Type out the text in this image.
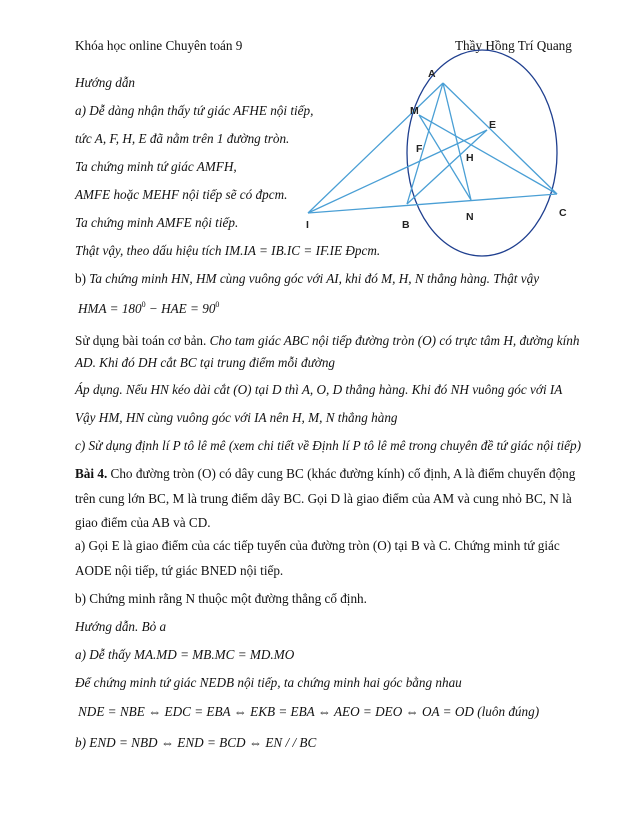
Khóa học online Chuyên toán 9	Thầy Hồng Trí Quang
A
M
E
F
H
I	B
N	C
Hướng dẫn
a) Dễ dàng nhận thấy tứ giác AFHE nội tiếp,
tức A, F, H, E đã nằm trên 1 đường tròn.
Ta chứng minh tứ giác AMFH,
AMFE hoặc MEHF nội tiếp sẽ có đpcm.
Ta chứng minh AMFE nội tiếp.
Thật vậy, theo dấu hiệu tích IM.IA = IB.IC = IF.IE Đpcm.
b) Ta chứng minh HN, HM cùng vuông góc với AI, khi đó M, H, N thẳng hàng. Thật vậy
HMA = $180^0$ − HAE = $90^0$
Sử dụng bài toán cơ bản. Cho tam giác ABC nội tiếp đường tròn (O) có trực tâm H, đường kính
AD. Khi đó DH cắt BC tại trung điểm mỗi đường
Áp dụng. Nếu HN kéo dài cắt (O) tại D thì A, O, D thẳng hàng. Khi đó NH vuông góc với IA
Vậy HM, HN cùng vuông góc với IA nên H, M, N thẳng hàng
c) Sử dụng định lí P tô lê mê (xem chi tiết về Định lí P tô lê mê trong chuyên đề tứ giác nội tiếp)
Bài 4. Cho đường tròn (O) có dây cung BC (khác đường kính) cố định, A là điểm chuyển động
trên cung lớn BC, M là trung điểm dây BC. Gọi D là giao điểm của AM và cung nhỏ BC, N là
giao điểm của AB và CD.
a) Gọi E là giao điểm của các tiếp tuyến của đường tròn (O) tại B và C. Chứng minh tứ giác
AODE nội tiếp, tứ giác BNED nội tiếp.
b) Chứng minh rằng N thuộc một đường thẳng cố định.
Hướng dẫn. Bỏ a
a) Dễ thấy MA.MD = MB.MC = MD.MO
Để chứng minh tứ giác NEDB nội tiếp, ta chứng minh hai góc bằng nhau
NDE = NBE ⇔ EDC = EBA ⇔ EKB = EBA ⇔ AEO = DEO ⇔ OA = OD (luôn đúng)
b) END = NBD ⇔ END = BCD ⇔ EN / / BC
